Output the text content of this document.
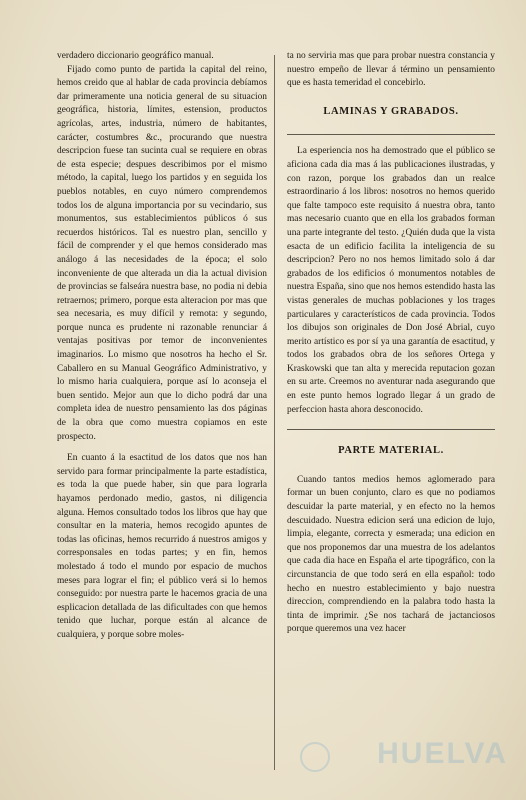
verdadero diccionario geográfico manual.

Fijado como punto de partida la capital del reino, hemos creido que al hablar de cada provincia debíamos dar primeramente una noticia general de su situacion geográfica, historia, límites, estension, productos agrícolas, artes, industria, número de habitantes, carácter, costumbres &c., procurando que nuestra descripcion fuese tan sucinta cual se requiere en obras de esta especie; despues describimos por el mismo método, la capital, luego los partidos y en seguida los pueblos notables, en cuyo número comprendemos todos los de alguna importancia por su vecindario, sus monumentos, sus establecimientos públicos ó sus recuerdos históricos. Tal es nuestro plan, sencillo y fácil de comprender y el que hemos considerado mas análogo á las necesidades de la época; el solo inconveniente de que alterada un dia la actual division de provincias se falseára nuestra base, no podia ni debia retraernos; primero, porque esta alteracion por mas que sea necesaria, es muy difícil y remota: y segundo, porque nunca es prudente ni razonable renunciar á ventajas positivas por temor de inconvenientes imaginarios. Lo mismo que nosotros ha hecho el Sr. Caballero en su Manual Geográfico Administrativo, y lo mismo haria cualquiera, porque así lo aconseja el buen sentido. Mejor aun que lo dicho podrá dar una completa idea de nuestro pensamiento las dos páginas de la obra que como muestra copiamos en este prospecto.

En cuanto á la esactitud de los datos que nos han servido para formar principalmente la parte estadística, es toda la que puede haber, sin que para lograrla hayamos perdonado medio, gastos, ni diligencia alguna. Hemos consultado todos los libros que hay que consultar en la materia, hemos recogido apuntes de todas las oficinas, hemos recurrido á nuestros amigos y corresponsales en todas partes; y en fin, hemos molestado á todo el mundo por espacio de muchos meses para lograr el fin; el público verá si lo hemos conseguido: por nuestra parte le hacemos gracia de una esplicacion detallada de las dificultades con que hemos tenido que luchar, porque están al alcance de cualquiera, y porque sobre moles-

ta no serviria mas que para probar nuestra constancia y nuestro empeño de llevar á término un pensamiento que es hasta temeridad el concebirlo.

LAMINAS Y GRABADOS.

La esperiencia nos ha demostrado que el público se aficiona cada dia mas á las publicaciones ilustradas, y con razon, porque los grabados dan un realce estraordinario á los libros: nosotros no hemos querido que falte tampoco este requisito á nuestra obra, tanto mas necesario cuanto que en ella los grabados forman una parte integrante del testo. ¿Quién duda que la vista esacta de un edificio facilita la inteligencia de su descripcion? Pero no nos hemos limitado solo á dar grabados de los edificios ó monumentos notables de nuestra España, sino que nos hemos estendido hasta las vistas generales de muchas poblaciones y los trages particulares y característicos de cada provincia. Todos los dibujos son originales de Don José Abrial, cuyo merito artístico es por sí ya una garantía de esactitud, y todos los grabados obra de los señores Ortega y Kraskowski que tan alta y merecida reputacion gozan en su arte. Creemos no aventurar nada asegurando que en este punto hemos logrado llegar á un grado de perfeccion hasta ahora desconocido.

PARTE MATERIAL.

Cuando tantos medios hemos aglomerado para formar un buen conjunto, claro es que no podiamos descuidar la parte material, y en efecto no la hemos descuidado. Nuestra edicion será una edicion de lujo, limpia, elegante, correcta y esmerada; una edicion en que nos proponemos dar una muestra de los adelantos que cada dia hace en España el arte tipográfico, con la circunstancia de que todo será en ella español: todo hecho en nuestro establecimiento y bajo nuestra direccion, comprendiendo en la palabra todo hasta la tinta de imprimir. ¿Se nos tachará de jactanciosos porque queremos una vez hacer

HUELVA
